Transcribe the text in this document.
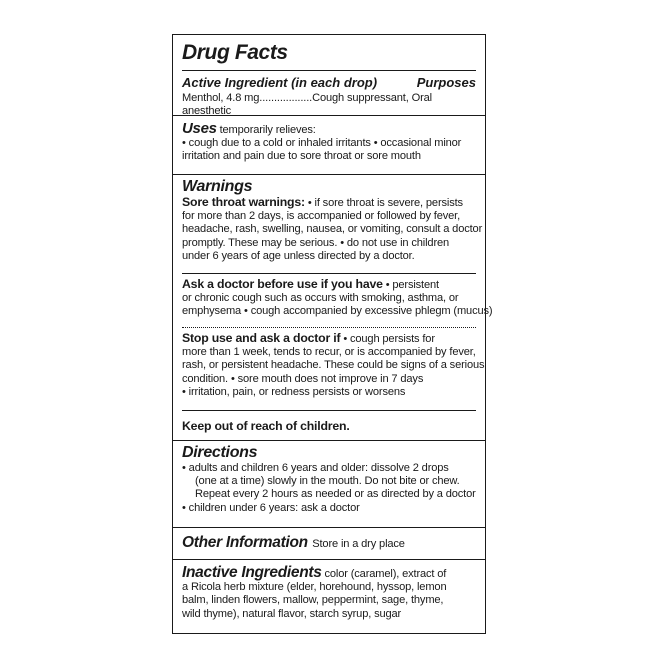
Drug Facts
Active Ingredient (in each drop)	Purposes
Menthol, 4.8 mg..................Cough suppressant, Oral anesthetic
Uses temporarily relieves:
• cough due to a cold or inhaled irritants • occasional minor
irritation and pain due to sore throat or sore mouth
Warnings
Sore throat warnings: • if sore throat is severe, persists
for more than 2 days, is accompanied or followed by fever,
headache, rash, swelling, nausea, or vomiting, consult a doctor
promptly. These may be serious. • do not use in children
under 6 years of age unless directed by a doctor.
Ask a doctor before use if you have • persistent
or chronic cough such as occurs with smoking, asthma, or
emphysema • cough accompanied by excessive phlegm (mucus)
Stop use and ask a doctor if • cough persists for
more than 1 week, tends to recur, or is accompanied by fever,
rash, or persistent headache. These could be signs of a serious
condition. • sore mouth does not improve in 7 days
• irritation, pain, or redness persists or worsens
Keep out of reach of children.
Directions
• adults and children 6 years and older: dissolve 2 drops
(one at a time) slowly in the mouth. Do not bite or chew.
Repeat every 2 hours as needed or as directed by a doctor
• children under 6 years: ask a doctor
Other Information Store in a dry place
Inactive Ingredients color (caramel), extract of
a Ricola herb mixture (elder, horehound, hyssop, lemon
balm, linden flowers, mallow, peppermint, sage, thyme,
wild thyme), natural flavor, starch syrup, sugar
